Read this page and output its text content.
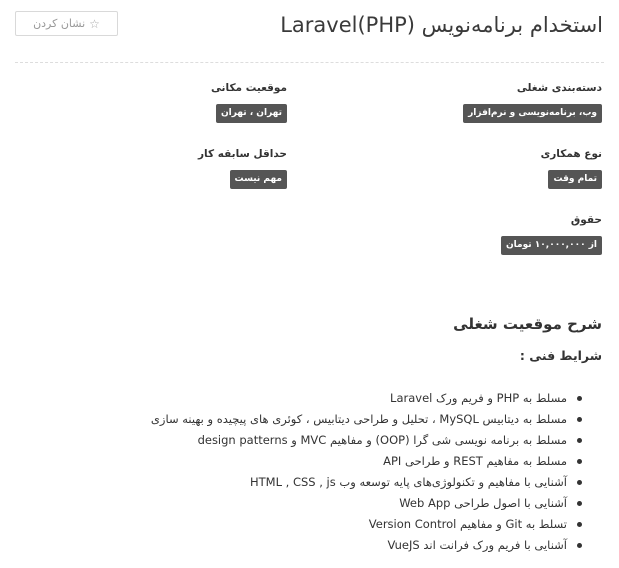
استخدام برنامه‌نویس Laravel(PHP)
☆
نشان کردن
دسته‌بندی شغلی
وب، برنامه‌نویسی و نرم‌افزار
موقعیت مکانی
تهران ، تهران
نوع همکاری
تمام وقت
حداقل سابقه کار
مهم نیست
حقوق
از ۱۰,۰۰۰,۰۰۰ تومان
شرح موقعیت شغلی
شرایط فنی :
مسلط به PHP و فریم ورک Laravel
مسلط به دیتابیس MySQL ، تحلیل و طراحی دیتابیس ، کوئری های پیچیده و بهینه سازی
مسلط به برنامه نویسی شی گرا (OOP) و مفاهیم MVC و design patterns
مسلط به مفاهیم REST و طراحی API
آشنایی با مفاهیم و تکنولوژی‌های پایه توسعه وب HTML , CSS , js
آشنایی با اصول طراحی Web App
تسلط به Git و مفاهیم Version Control
آشنایی با فریم ورک فرانت اند VueJS
